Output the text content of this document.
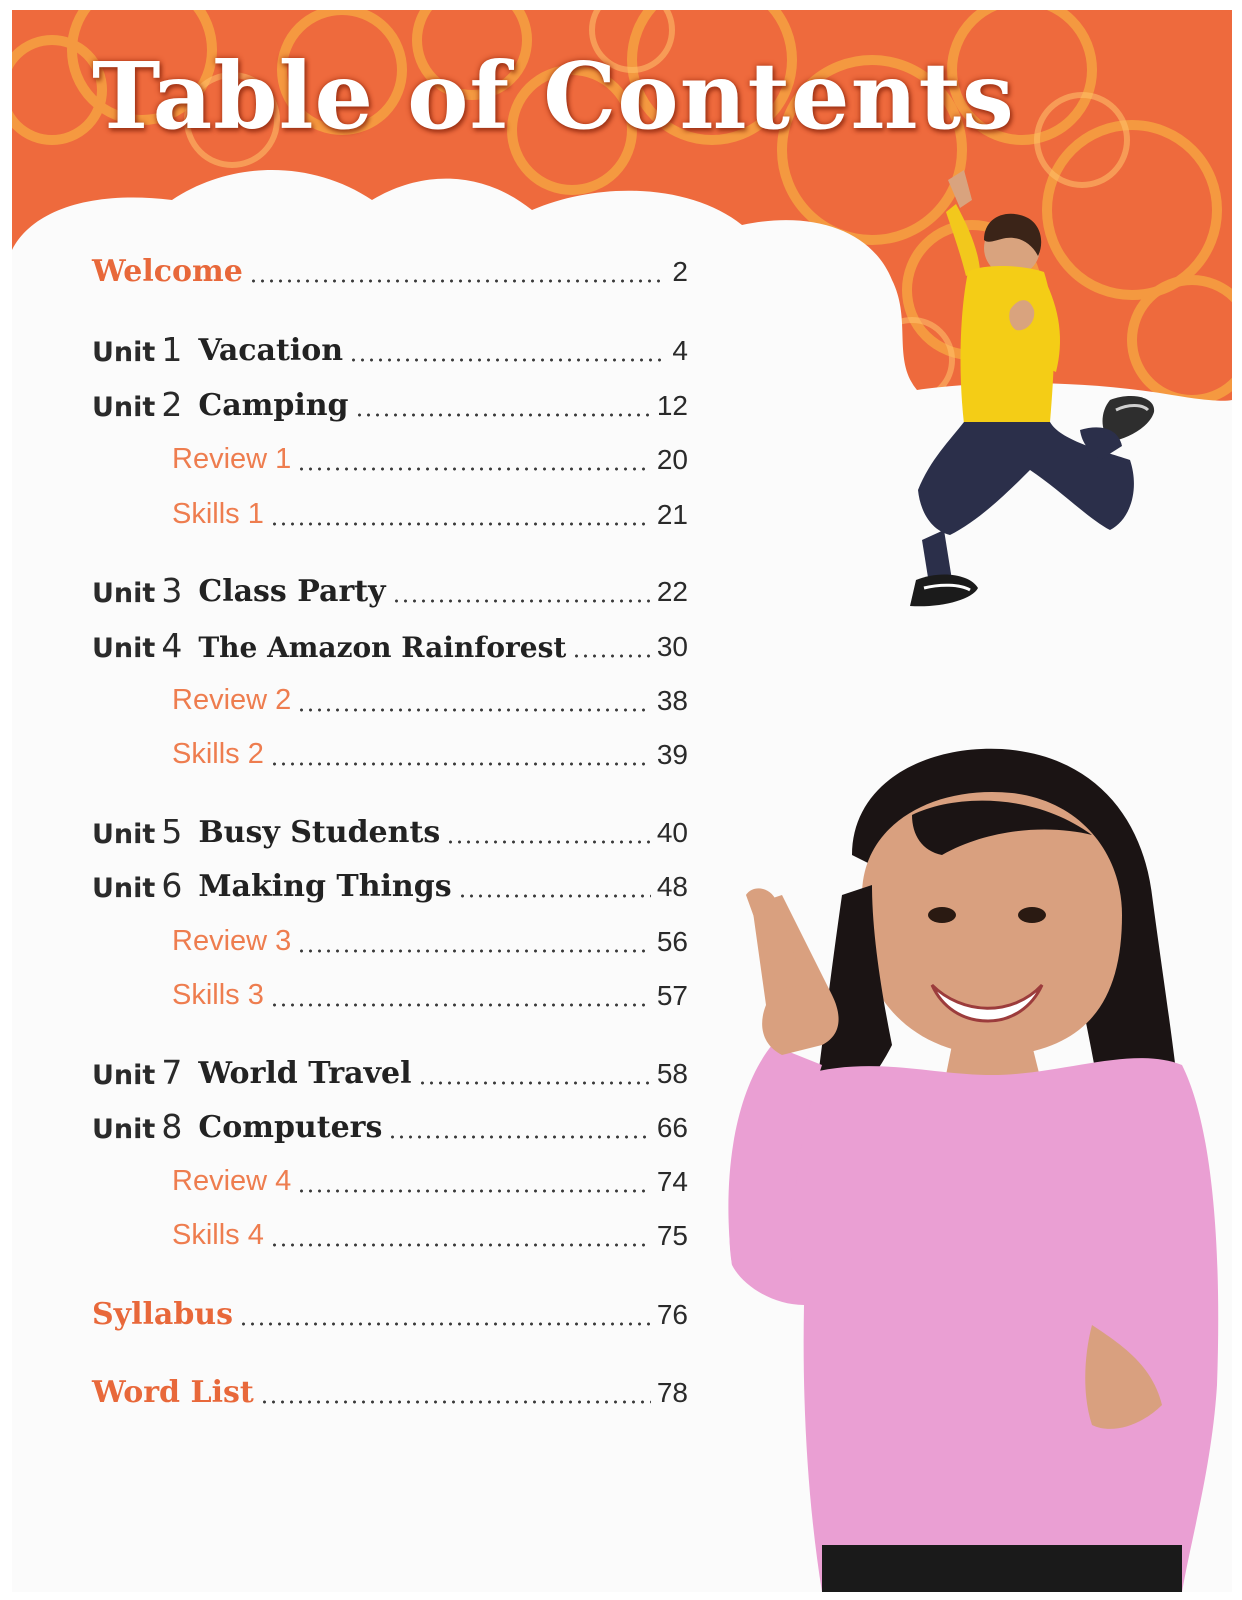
Table of Contents
Welcome	2
Unit 1 Vacation	4
Unit 2 Camping	12
Review 1	20
Skills 1	21
Unit 3 Class Party	22
Unit 4 The Amazon Rainforest	30
Review 2	38
Skills 2	39
Unit 5 Busy Students	40
Unit 6 Making Things	48
Review 3	56
Skills 3	57
Unit 7 World Travel	58
Unit 8 Computers	66
Review 4	74
Skills 4	75
Syllabus	76
Word List	78
